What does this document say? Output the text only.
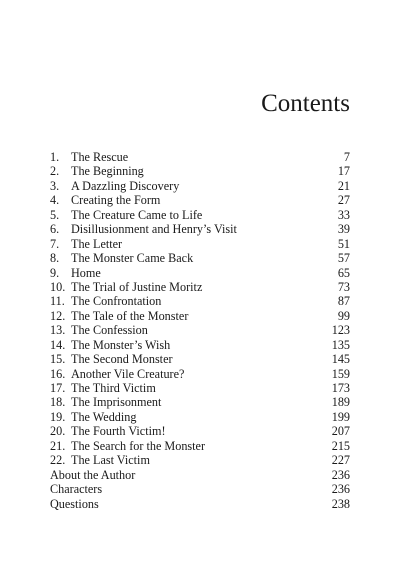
Contents
1. The Rescue	7
2. The Beginning	17
3. A Dazzling Discovery	21
4. Creating the Form	27
5. The Creature Came to Life	33
6. Disillusionment and Henry’s Visit	39
7. The Letter	51
8. The Monster Came Back	57
9. Home	65
10. The Trial of Justine Moritz	73
11. The Confrontation	87
12. The Tale of the Monster	99
13. The Confession	123
14. The Monster’s Wish	135
15. The Second Monster	145
16. Another Vile Creature?	159
17. The Third Victim	173
18. The Imprisonment	189
19. The Wedding	199
20. The Fourth Victim!	207
21. The Search for the Monster	215
22. The Last Victim	227
About the Author	236
Characters	236
Questions	238
